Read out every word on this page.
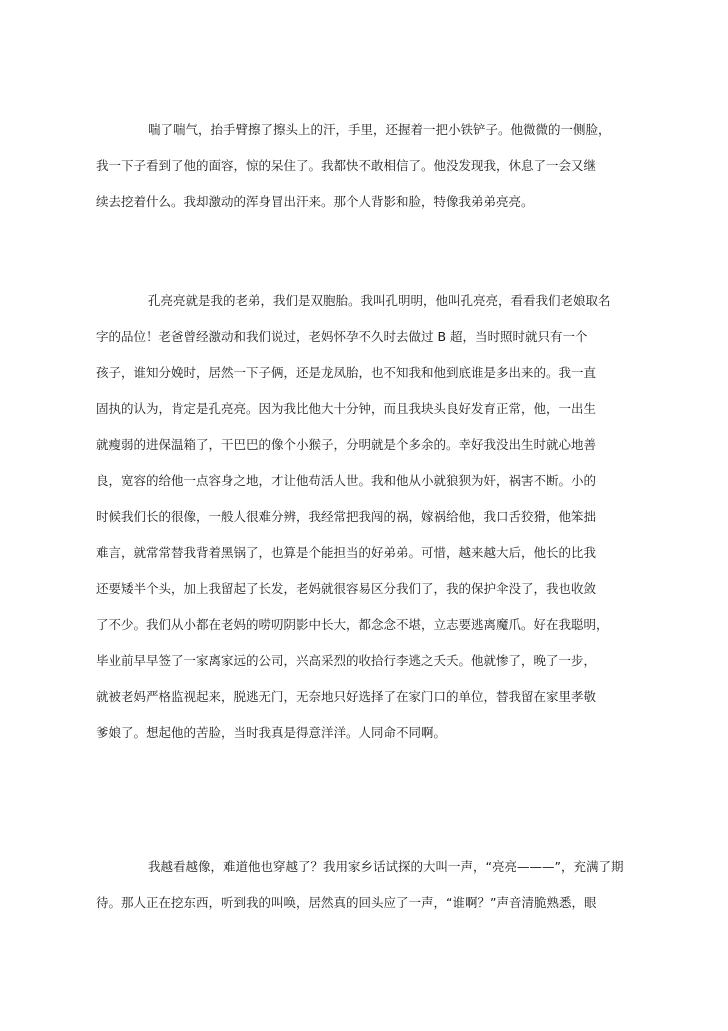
喘了喘气，抬手臂擦了擦头上的汗，手里，还握着一把小铁铲子。他微微的一侧脸，
我一下子看到了他的面容，惊的呆住了。我都快不敢相信了。他没发现我，休息了一会又继
续去挖着什么。我却激动的浑身冒出汗来。那个人背影和脸，特像我弟弟亮亮。
孔亮亮就是我的老弟，我们是双胞胎。我叫孔明明，他叫孔亮亮，看看我们老娘取名
字的品位！老爸曾经激动和我们说过，老妈怀孕不久时去做过 B 超，当时照时就只有一个
孩子，谁知分娩时，居然一下子俩，还是龙凤胎，也不知我和他到底谁是多出来的。我一直
固执的认为，肯定是孔亮亮。因为我比他大十分钟，而且我块头良好发育正常，他，一出生
就瘦弱的进保温箱了，干巴巴的像个小猴子，分明就是个多余的。幸好我没出生时就心地善
良，宽容的给他一点容身之地，才让他苟活人世。我和他从小就狼狈为奸，祸害不断。小的
时候我们长的很像，一般人很难分辨，我经常把我闯的祸，嫁祸给他，我口舌狡猾，他笨拙
难言，就常常替我背着黑锅了，也算是个能担当的好弟弟。可惜，越来越大后，他长的比我
还要矮半个头，加上我留起了长发，老妈就很容易区分我们了，我的保护伞没了，我也收敛
了不少。我们从小都在老妈的唠叨阴影中长大，都念念不堪，立志要逃离魔爪。好在我聪明，
毕业前早早签了一家离家远的公司，兴高采烈的收拾行李逃之夭夭。他就惨了，晚了一步，
就被老妈严格监视起来，脱逃无门，无奈地只好选择了在家门口的单位，替我留在家里孝敬
爹娘了。想起他的苦脸，当时我真是得意洋洋。人同命不同啊。
我越看越像，难道他也穿越了？我用家乡话试探的大叫一声，“亮亮———”，充满了期
待。那人正在挖东西，听到我的叫唤，居然真的回头应了一声，“谁啊？”声音清脆熟悉，眼
